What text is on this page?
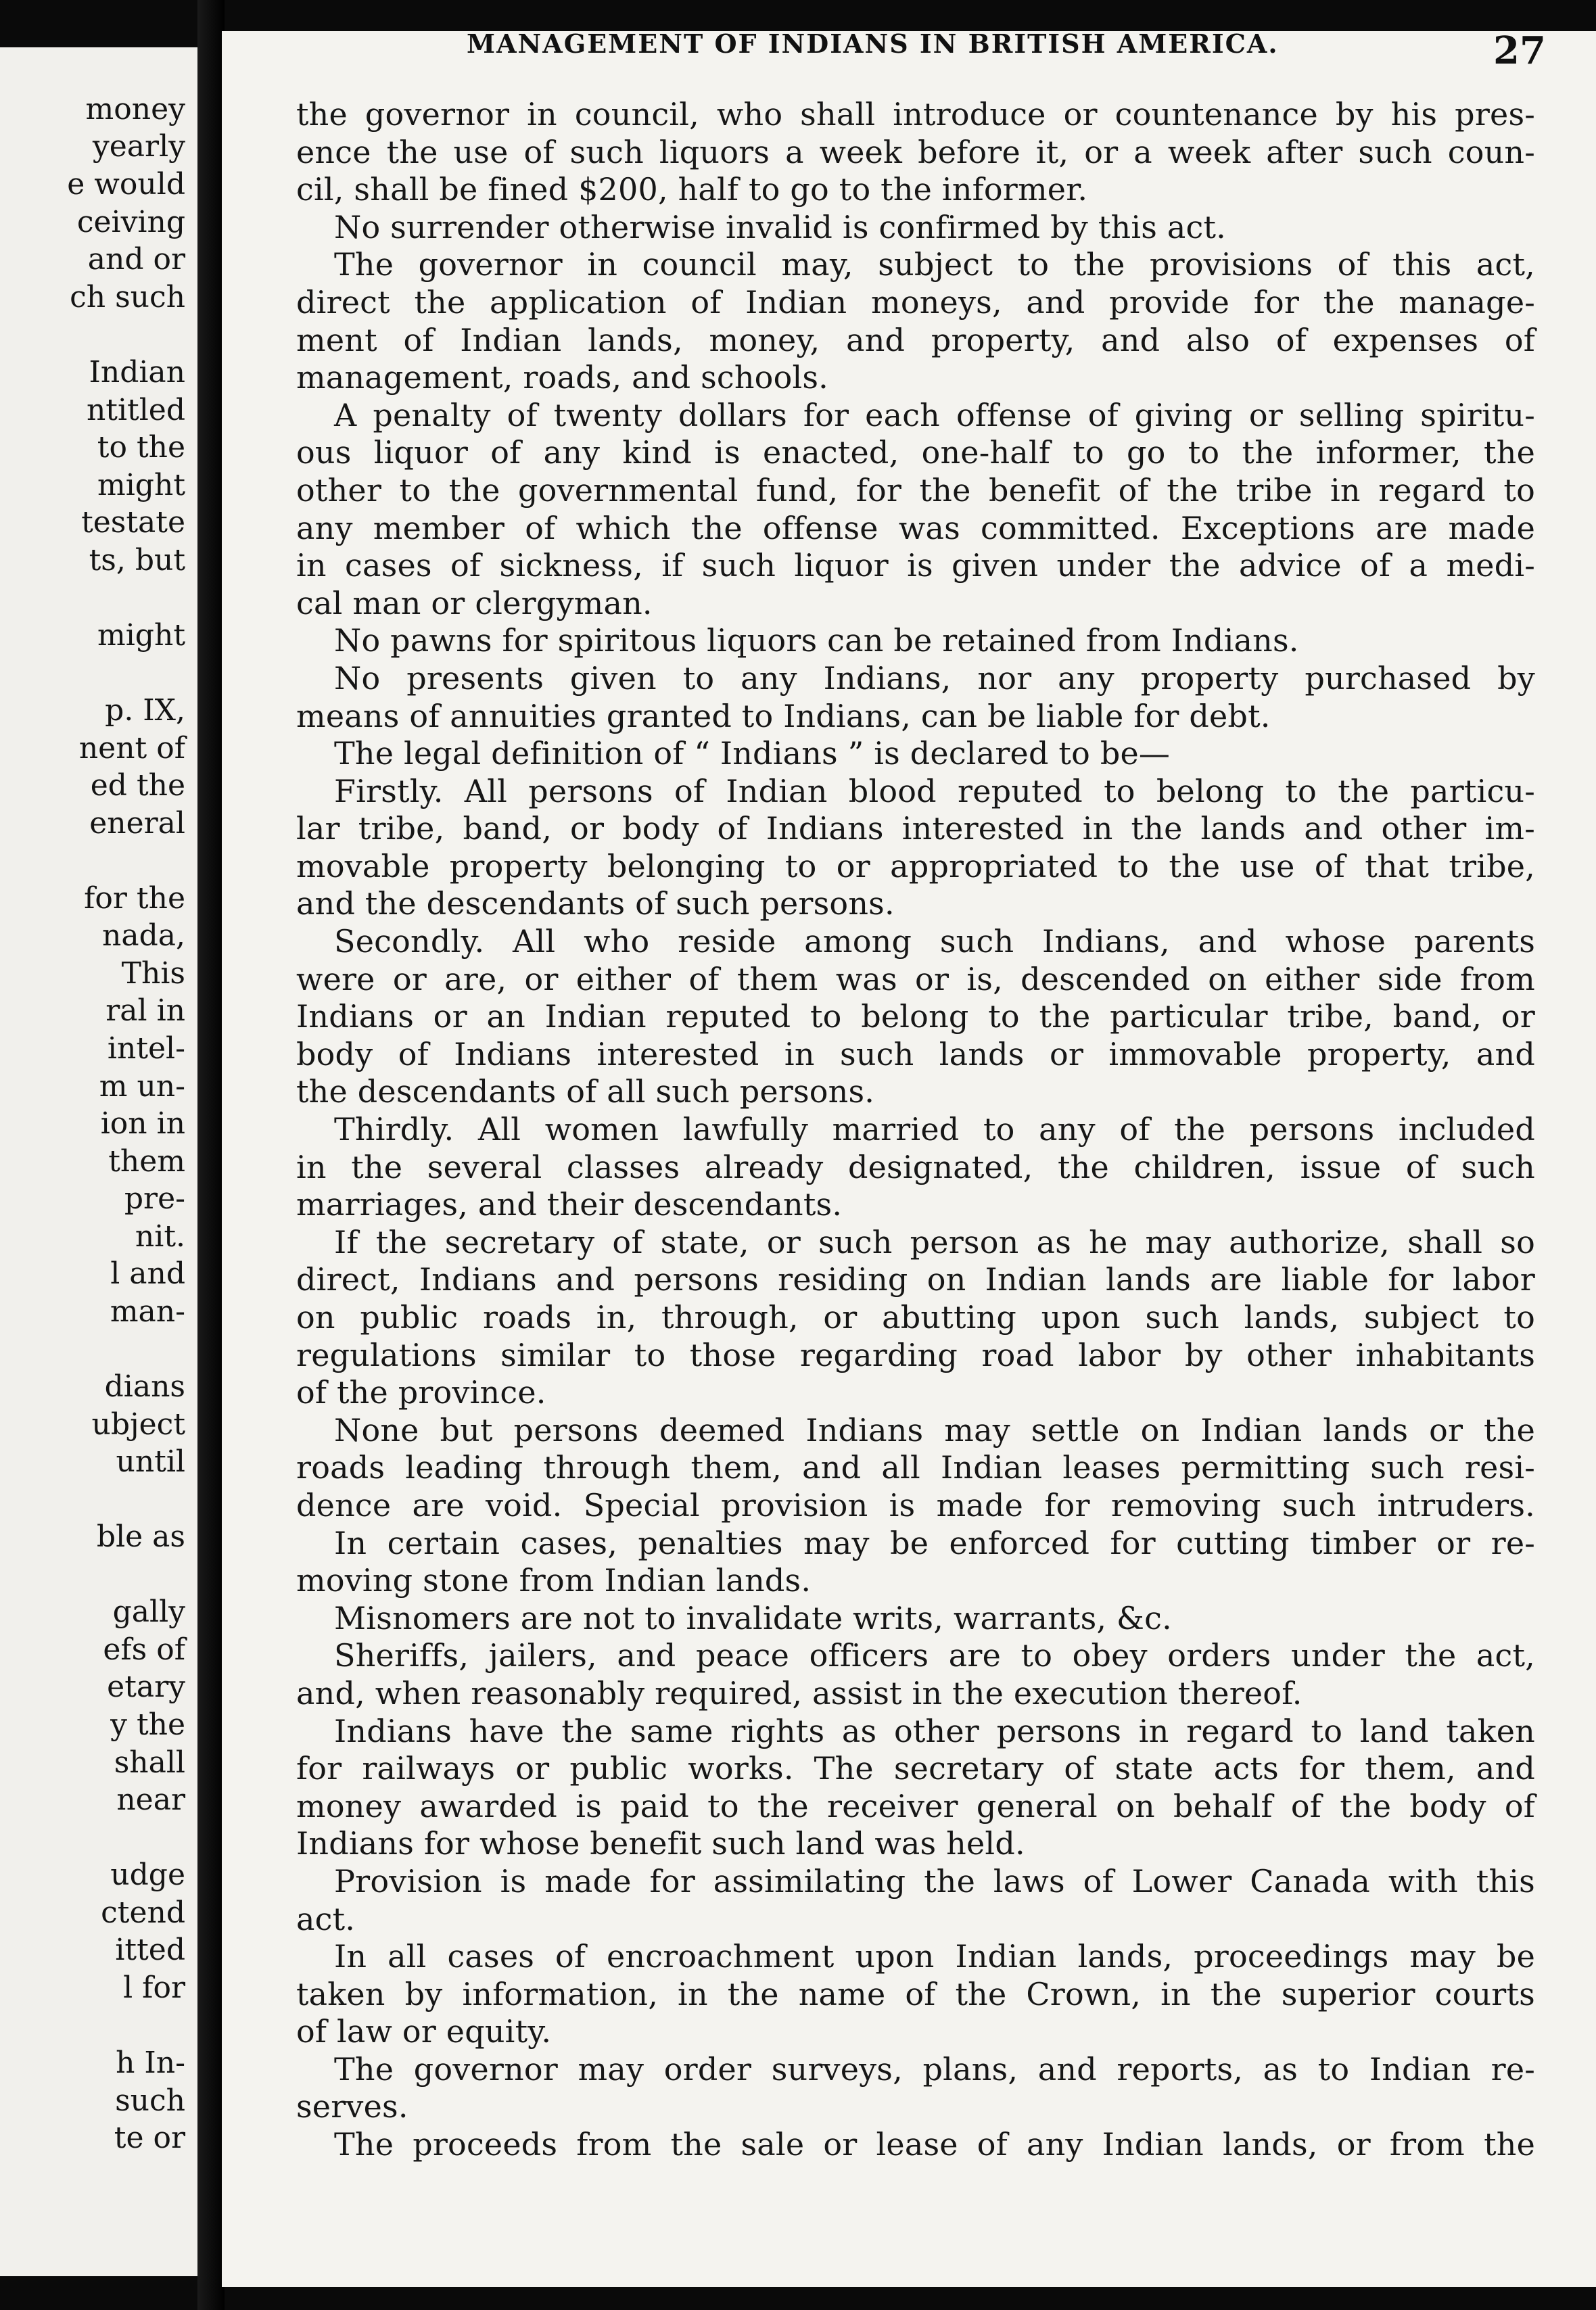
money
yearly
e would
ceiving
and or
ch such
Indian
ntitled
to the
might
testate
ts, but
might
p. IX,
nent of
ed the
eneral
for the
nada,
This
ral in
intel-
m un-
ion in
them
pre-
nit.
l and
man-
dians
ubject
until
ble as
gally
efs of
etary
y the
shall
near
udge
ctend
itted
l for
h In-
such
te or
MANAGEMENT OF INDIANS IN BRITISH AMERICA.	27
the governor in council, who shall introduce or countenance by his pres-
ence the use of such liquors a week before it, or a week after such coun-
cil, shall be fined $200, half to go to the informer.
No surrender otherwise invalid is confirmed by this act.
The governor in council may, subject to the provisions of this act,
direct the application of Indian moneys, and provide for the manage-
ment of Indian lands, money, and property, and also of expenses of
management, roads, and schools.
A penalty of twenty dollars for each offense of giving or selling spiritu-
ous liquor of any kind is enacted, one-half to go to the informer, the
other to the governmental fund, for the benefit of the tribe in regard to
any member of which the offense was committed. Exceptions are made
in cases of sickness, if such liquor is given under the advice of a medi-
cal man or clergyman.
No pawns for spiritous liquors can be retained from Indians.
No presents given to any Indians, nor any property purchased by
means of annuities granted to Indians, can be liable for debt.
The legal definition of “ Indians ” is declared to be—
Firstly. All persons of Indian blood reputed to belong to the particu-
lar tribe, band, or body of Indians interested in the lands and other im-
movable property belonging to or appropriated to the use of that tribe,
and the descendants of such persons.
Secondly. All who reside among such Indians, and whose parents
were or are, or either of them was or is, descended on either side from
Indians or an Indian reputed to belong to the particular tribe, band, or
body of Indians interested in such lands or immovable property, and
the descendants of all such persons.
Thirdly. All women lawfully married to any of the persons included
in the several classes already designated, the children, issue of such
marriages, and their descendants.
If the secretary of state, or such person as he may authorize, shall so
direct, Indians and persons residing on Indian lands are liable for labor
on public roads in, through, or abutting upon such lands, subject to
regulations similar to those regarding road labor by other inhabitants
of the province.
None but persons deemed Indians may settle on Indian lands or the
roads leading through them, and all Indian leases permitting such resi-
dence are void. Special provision is made for removing such intruders.
In certain cases, penalties may be enforced for cutting timber or re-
moving stone from Indian lands.
Misnomers are not to invalidate writs, warrants, &c.
Sheriffs, jailers, and peace officers are to obey orders under the act,
and, when reasonably required, assist in the execution thereof.
Indians have the same rights as other persons in regard to land taken
for railways or public works. The secretary of state acts for them, and
money awarded is paid to the receiver general on behalf of the body of
Indians for whose benefit such land was held.
Provision is made for assimilating the laws of Lower Canada with this
act.
In all cases of encroachment upon Indian lands, proceedings may be
taken by information, in the name of the Crown, in the superior courts
of law or equity.
The governor may order surveys, plans, and reports, as to Indian re-
serves.
The proceeds from the sale or lease of any Indian lands, or from the
